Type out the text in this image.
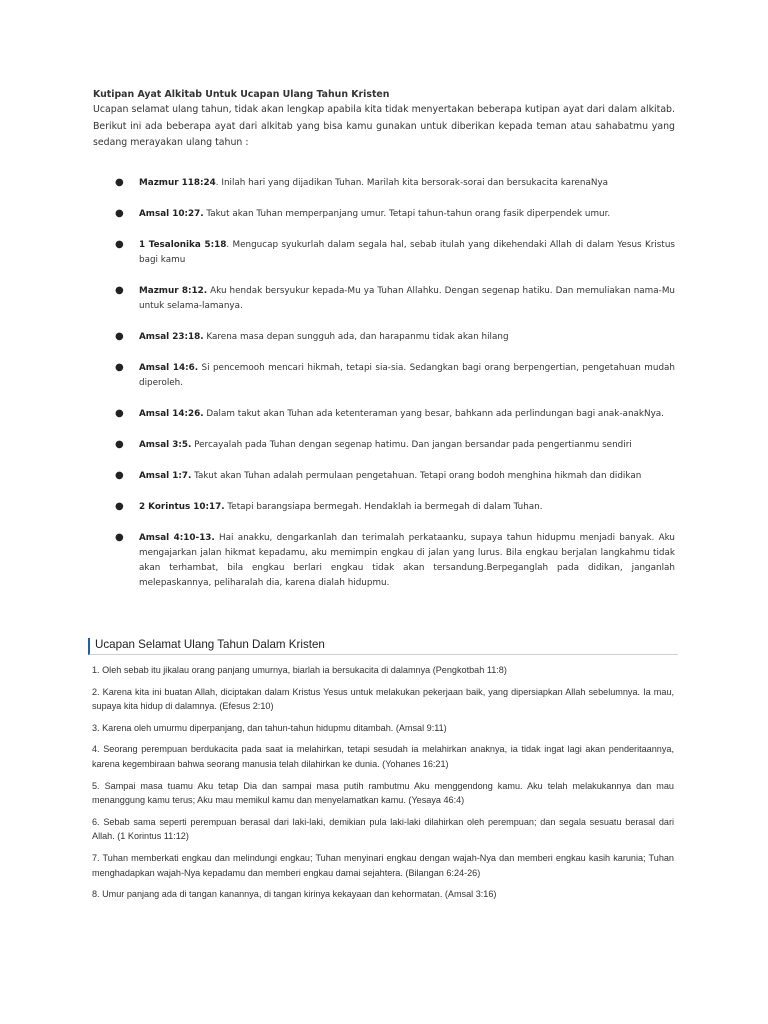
Kutipan Ayat Alkitab Untuk Ucapan Ulang Tahun Kristen

Ucapan selamat ulang tahun, tidak akan lengkap apabila kita tidak menyertakan beberapa kutipan ayat dari dalam alkitab. Berikut ini ada beberapa ayat dari alkitab yang bisa kamu gunakan untuk diberikan kepada teman atau sahabatmu yang sedang merayakan ulang tahun :

● Mazmur 118:24. Inilah hari yang dijadikan Tuhan. Marilah kita bersorak-sorai dan bersukacita karenaNya
● Amsal 10:27. Takut akan Tuhan memperpanjang umur. Tetapi tahun-tahun orang fasik diperpendek umur.
● 1 Tesalonika 5:18. Mengucap syukurlah dalam segala hal, sebab itulah yang dikehendaki Allah di dalam Yesus Kristus bagi kamu
● Mazmur 8:12. Aku hendak bersyukur kepada-Mu ya Tuhan Allahku. Dengan segenap hatiku. Dan memuliakan nama-Mu untuk selama-lamanya.
● Amsal 23:18. Karena masa depan sungguh ada, dan harapanmu tidak akan hilang
● Amsal 14:6. Si pencemooh mencari hikmah, tetapi sia-sia. Sedangkan bagi orang berpengertian, pengetahuan mudah diperoleh.
● Amsal 14:26. Dalam takut akan Tuhan ada ketenteraman yang besar, bahkann ada perlindungan bagi anak-anakNya.
● Amsal 3:5. Percayalah pada Tuhan dengan segenap hatimu. Dan jangan bersandar pada pengertianmu sendiri
● Amsal 1:7. Takut akan Tuhan adalah permulaan pengetahuan. Tetapi orang bodoh menghina hikmah dan didikan
● 2 Korintus 10:17. Tetapi barangsiapa bermegah. Hendaklah ia bermegah di dalam Tuhan.
● Amsal 4:10-13. Hai anakku, dengarkanlah dan terimalah perkataanku, supaya tahun hidupmu menjadi banyak. Aku mengajarkan jalan hikmat kepadamu, aku memimpin engkau di jalan yang lurus. Bila engkau berjalan langkahmu tidak akan terhambat, bila engkau berlari engkau tidak akan tersandung.Berpeganglah pada didikan, janganlah melepaskannya, peliharalah dia, karena dialah hidupmu.
Ucapan Selamat Ulang Tahun Dalam Kristen

1. Oleh sebab itu jikalau orang panjang umurnya, biarlah ia bersukacita di dalamnya (Pengkotbah 11:8)

2. Karena kita ini buatan Allah, diciptakan dalam Kristus Yesus untuk melakukan pekerjaan baik, yang dipersiapkan Allah sebelumnya. Ia mau, supaya kita hidup di dalamnya. (Efesus 2:10)

3. Karena oleh umurmu diperpanjang, dan tahun-tahun hidupmu ditambah. (Amsal 9:11)

4. Seorang perempuan berdukacita pada saat ia melahirkan, tetapi sesudah ia melahirkan anaknya, ia tidak ingat lagi akan penderitaannya, karena kegembiraan bahwa seorang manusia telah dilahirkan ke dunia. (Yohanes 16:21)

5. Sampai masa tuamu Aku tetap Dia dan sampai masa putih rambutmu Aku menggendong kamu. Aku telah melakukannya dan mau menanggung kamu terus; Aku mau memikul kamu dan menyelamatkan kamu. (Yesaya 46:4)

6. Sebab sama seperti perempuan berasal dari laki-laki, demikian pula laki-laki dilahirkan oleh perempuan; dan segala sesuatu berasal dari Allah. (1 Korintus 11:12)

7. Tuhan memberkati engkau dan melindungi engkau; Tuhan menyinari engkau dengan wajah-Nya dan memberi engkau kasih karunia; Tuhan menghadapkan wajah-Nya kepadamu dan memberi engkau damai sejahtera. (Bilangan 6:24-26)

8. Umur panjang ada di tangan kanannya, di tangan kirinya kekayaan dan kehormatan. (Amsal 3:16)
